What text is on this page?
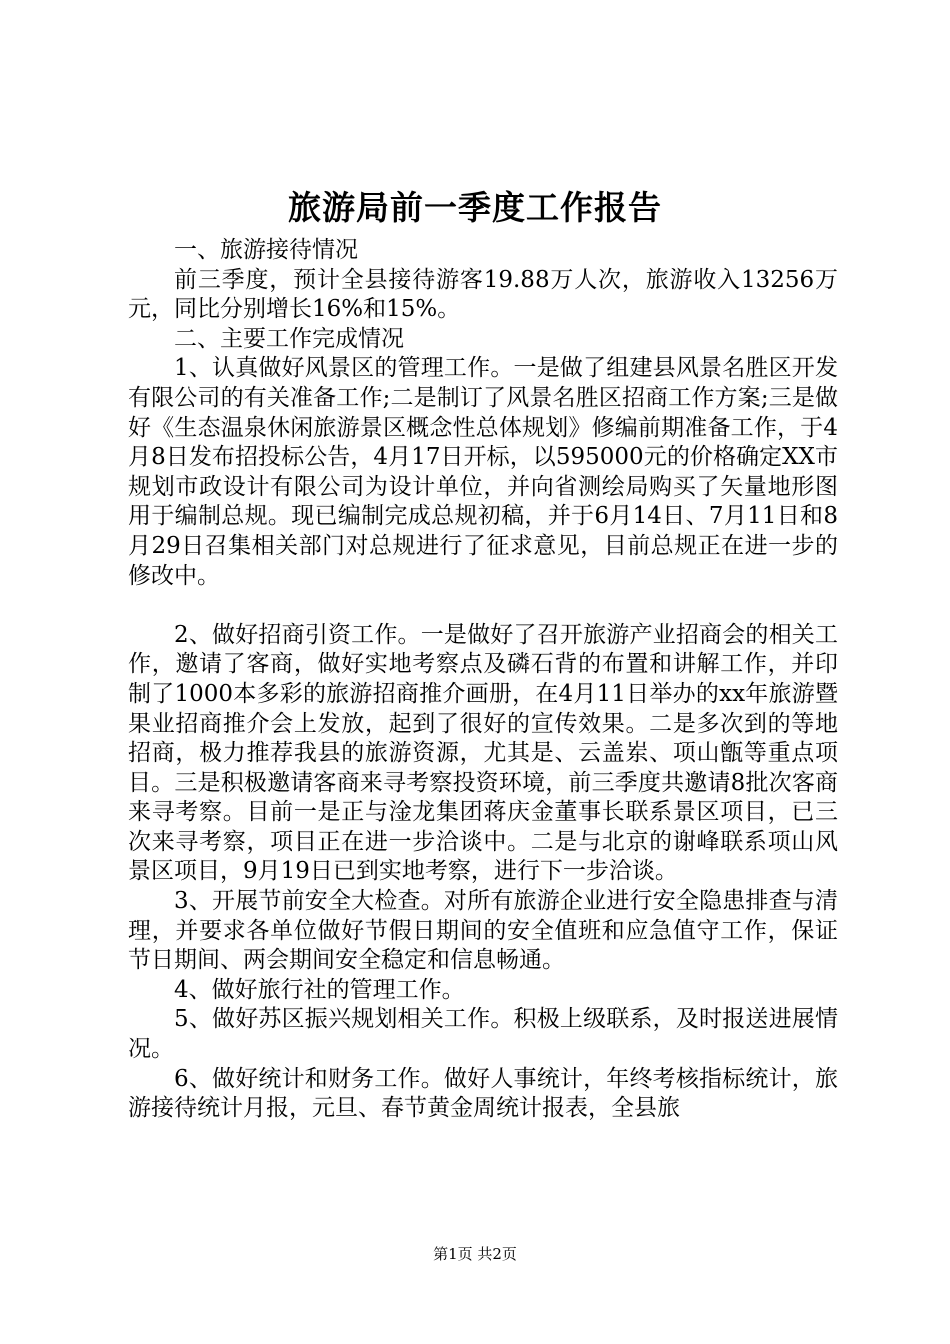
旅游局前一季度工作报告

一、旅游接待情况

前三季度，预计全县接待游客19.88万人次，旅游收入13256万元，同比分别增长16%和15%。

二、主要工作完成情况

1、认真做好风景区的管理工作。一是做了组建县风景名胜区开发有限公司的有关准备工作;二是制订了风景名胜区招商工作方案;三是做好《生态温泉休闲旅游景区概念性总体规划》修编前期准备工作，于4月8日发布招投标公告，4月17日开标，以595000元的价格确定XX市规划市政设计有限公司为设计单位，并向省测绘局购买了矢量地形图用于编制总规。现已编制完成总规初稿，并于6月14日、7月11日和8月29日召集相关部门对总规进行了征求意见，目前总规正在进一步的修改中。

2、做好招商引资工作。一是做好了召开旅游产业招商会的相关工作，邀请了客商，做好实地考察点及磷石背的布置和讲解工作，并印制了1000本多彩的旅游招商推介画册，在4月11日举办的xx年旅游暨果业招商推介会上发放，起到了很好的宣传效果。二是多次到的等地招商，极力推荐我县的旅游资源，尤其是、云盖岽、项山甑等重点项目。三是积极邀请客商来寻考察投资环境，前三季度共邀请8批次客商来寻考察。目前一是正与淦龙集团蒋庆金董事长联系景区项目，已三次来寻考察，项目正在进一步洽谈中。二是与北京的谢峰联系项山风景区项目，9月19日已到实地考察，进行下一步洽谈。

3、开展节前安全大检查。对所有旅游企业进行安全隐患排查与清理，并要求各单位做好节假日期间的安全值班和应急值守工作，保证节日期间、两会期间安全稳定和信息畅通。

4、做好旅行社的管理工作。

5、做好苏区振兴规划相关工作。积极上级联系，及时报送进展情况。

6、做好统计和财务工作。做好人事统计，年终考核指标统计，旅游接待统计月报，元旦、春节黄金周统计报表，全县旅

第1页 共2页
